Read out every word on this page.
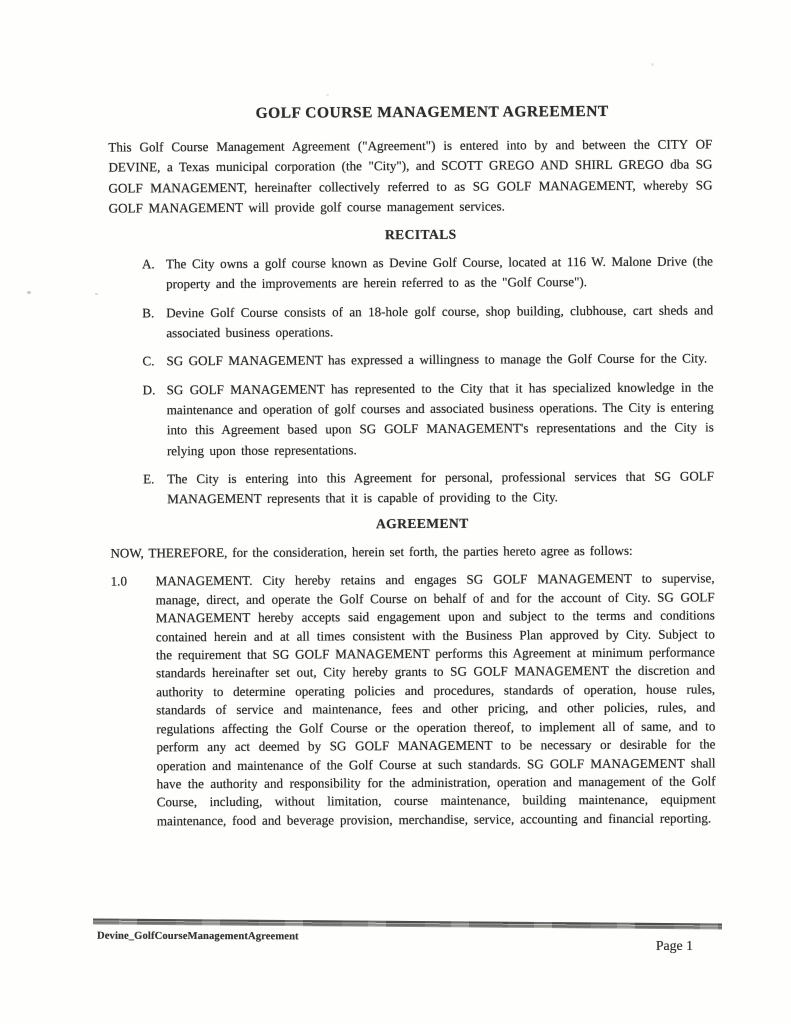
GOLF COURSE MANAGEMENT AGREEMENT

This Golf Course Management Agreement ("Agreement") is entered into by and between the CITY OF DEVINE, a Texas municipal corporation (the "City"), and SCOTT GREGO AND SHIRL GREGO dba SG GOLF MANAGEMENT, hereinafter collectively referred to as SG GOLF MANAGEMENT, whereby SG GOLF MANAGEMENT will provide golf course management services.

RECITALS
A. The City owns a golf course known as Devine Golf Course, located at 116 W. Malone Drive (the property and the improvements are herein referred to as the "Golf Course").
B. Devine Golf Course consists of an 18-hole golf course, shop building, clubhouse, cart sheds and associated business operations.
C. SG GOLF MANAGEMENT has expressed a willingness to manage the Golf Course for the City.
D. SG GOLF MANAGEMENT has represented to the City that it has specialized knowledge in the maintenance and operation of golf courses and associated business operations. The City is entering into this Agreement based upon SG GOLF MANAGEMENT's representations and the City is relying upon those representations.
E. The City is entering into this Agreement for personal, professional services that SG GOLF MANAGEMENT represents that it is capable of providing to the City.
AGREEMENT

NOW, THEREFORE, for the consideration, herein set forth, the parties hereto agree as follows:

1.0	MANAGEMENT. City hereby retains and engages SG GOLF MANAGEMENT to supervise, manage, direct, and operate the Golf Course on behalf of and for the account of City. SG GOLF MANAGEMENT hereby accepts said engagement upon and subject to the terms and conditions contained herein and at all times consistent with the Business Plan approved by City. Subject to the requirement that SG GOLF MANAGEMENT performs this Agreement at minimum performance standards hereinafter set out, City hereby grants to SG GOLF MANAGEMENT the discretion and authority to determine operating policies and procedures, standards of operation, house rules, standards of service and maintenance, fees and other pricing, and other policies, rules, and regulations affecting the Golf Course or the operation thereof, to implement all of same, and to perform any act deemed by SG GOLF MANAGEMENT to be necessary or desirable for the operation and maintenance of the Golf Course at such standards. SG GOLF MANAGEMENT shall have the authority and responsibility for the administration, operation and management of the Golf Course, including, without limitation, course maintenance, building maintenance, equipment maintenance, food and beverage provision, merchandise, service, accounting and financial reporting.

Devine_GolfCourseManagementAgreement
Page 1
